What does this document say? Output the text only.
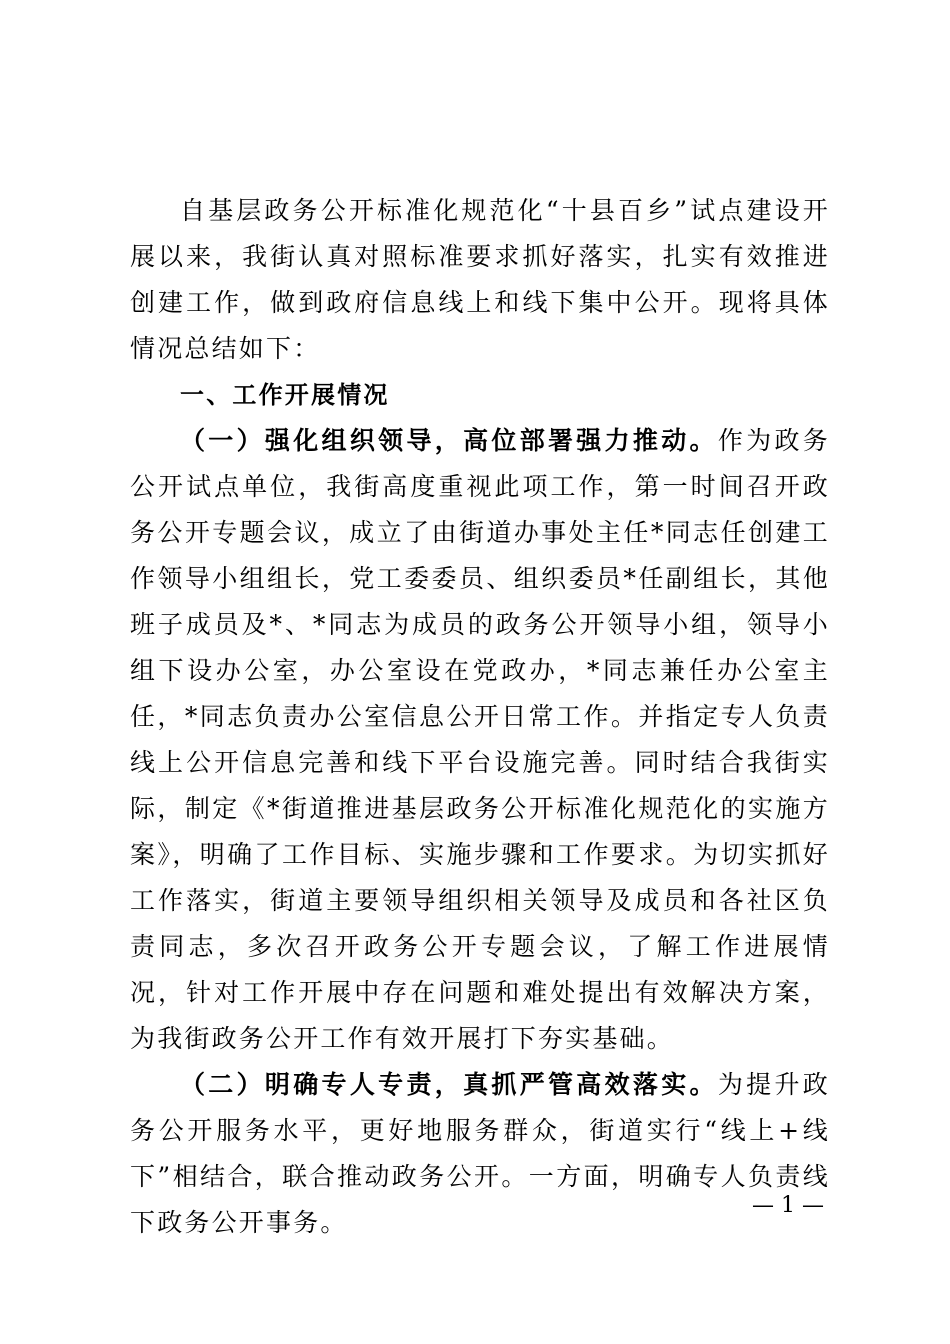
自基层政务公开标准化规范化“十县百乡”试点建设开展以来，我街认真对照标准要求抓好落实，扎实有效推进创建工作，做到政府信息线上和线下集中公开。现将具体情况总结如下：

一、工作开展情况

（一）强化组织领导，高位部署强力推动。作为政务公开试点单位，我街高度重视此项工作，第一时间召开政务公开专题会议，成立了由街道办事处主任*同志任创建工作领导小组组长，党工委委员、组织委员*任副组长，其他班子成员及*、*同志为成员的政务公开领导小组，领导小组下设办公室，办公室设在党政办，*同志兼任办公室主任，*同志负责办公室信息公开日常工作。并指定专人负责线上公开信息完善和线下平台设施完善。同时结合我街实际，制定《*街道推进基层政务公开标准化规范化的实施方案》，明确了工作目标、实施步骤和工作要求。为切实抓好工作落实，街道主要领导组织相关领导及成员和各社区负责同志，多次召开政务公开专题会议，了解工作进展情况，针对工作开展中存在问题和难处提出有效解决方案，为我街政务公开工作有效开展打下夯实基础。

（二）明确专人专责，真抓严管高效落实。为提升政务公开服务水平，更好地服务群众，街道实行“线上+线下”相结合，联合推动政务公开。一方面，明确专人负责线下政务公开事务。

— 1 —
